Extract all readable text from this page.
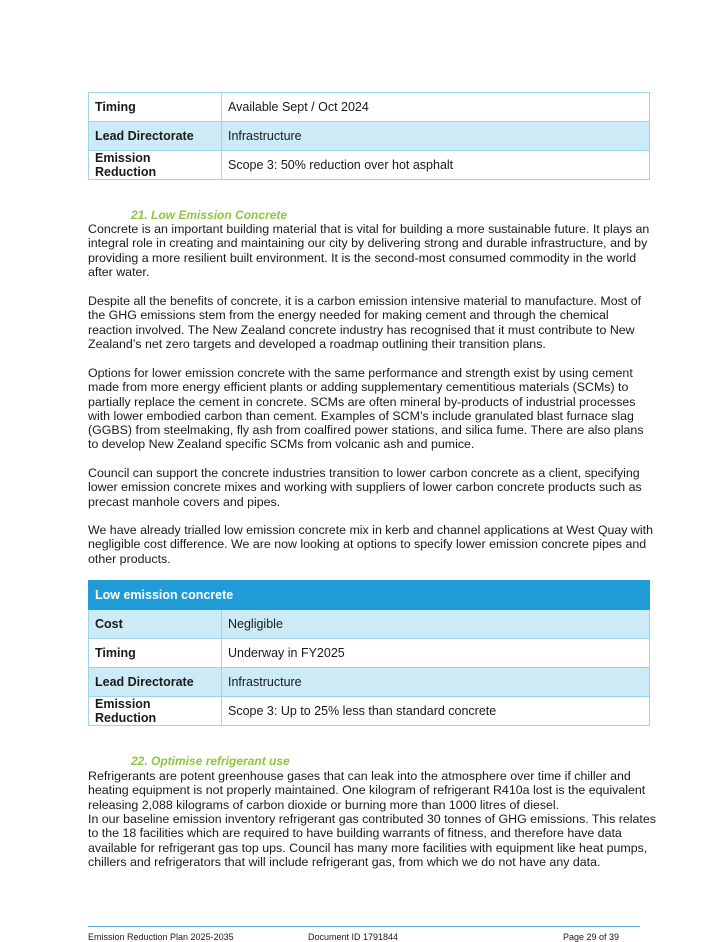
Timing	Available Sept / Oct 2024
Lead Directorate	Infrastructure
Emission Reduction	Scope 3: 50% reduction over hot asphalt
21. Low Emission Concrete

Concrete is an important building material that is vital for building a more sustainable future. It plays an integral role in creating and maintaining our city by delivering strong and durable infrastructure, and by providing a more resilient built environment. It is the second-most consumed commodity in the world after water.

Despite all the benefits of concrete, it is a carbon emission intensive material to manufacture. Most of the GHG emissions stem from the energy needed for making cement and through the chemical reaction involved. The New Zealand concrete industry has recognised that it must contribute to New Zealand’s net zero targets and developed a roadmap outlining their transition plans.

Options for lower emission concrete with the same performance and strength exist by using cement made from more energy efficient plants or adding supplementary cementitious materials (SCMs) to partially replace the cement in concrete. SCMs are often mineral by-products of industrial processes with lower embodied carbon than cement. Examples of SCM’s include granulated blast furnace slag (GGBS) from steelmaking, fly ash from coalfired power stations, and silica fume. There are also plans to develop New Zealand specific SCMs from volcanic ash and pumice.

Council can support the concrete industries transition to lower carbon concrete as a client, specifying lower emission concrete mixes and working with suppliers of lower carbon concrete products such as precast manhole covers and pipes.

We have already trialled low emission concrete mix in kerb and channel applications at West Quay with negligible cost difference. We are now looking at options to specify lower emission concrete pipes and other products.

Low emission concrete	
Cost	Negligible
Timing	Underway in FY2025
Lead Directorate	Infrastructure
Emission Reduction	Scope 3: Up to 25% less than standard concrete
22. Optimise refrigerant use

Refrigerants are potent greenhouse gases that can leak into the atmosphere over time if chiller and heating equipment is not properly maintained. One kilogram of refrigerant R410a lost is the equivalent releasing 2,088 kilograms of carbon dioxide or burning more than 1000 litres of diesel.

In our baseline emission inventory refrigerant gas contributed 30 tonnes of GHG emissions. This relates to the 18 facilities which are required to have building warrants of fitness, and therefore have data available for refrigerant gas top ups. Council has many more facilities with equipment like heat pumps, chillers and refrigerators that will include refrigerant gas, from which we do not have any data.

Emission Reduction Plan 2025-2035	Document ID 1791844	Page 29 of 39
